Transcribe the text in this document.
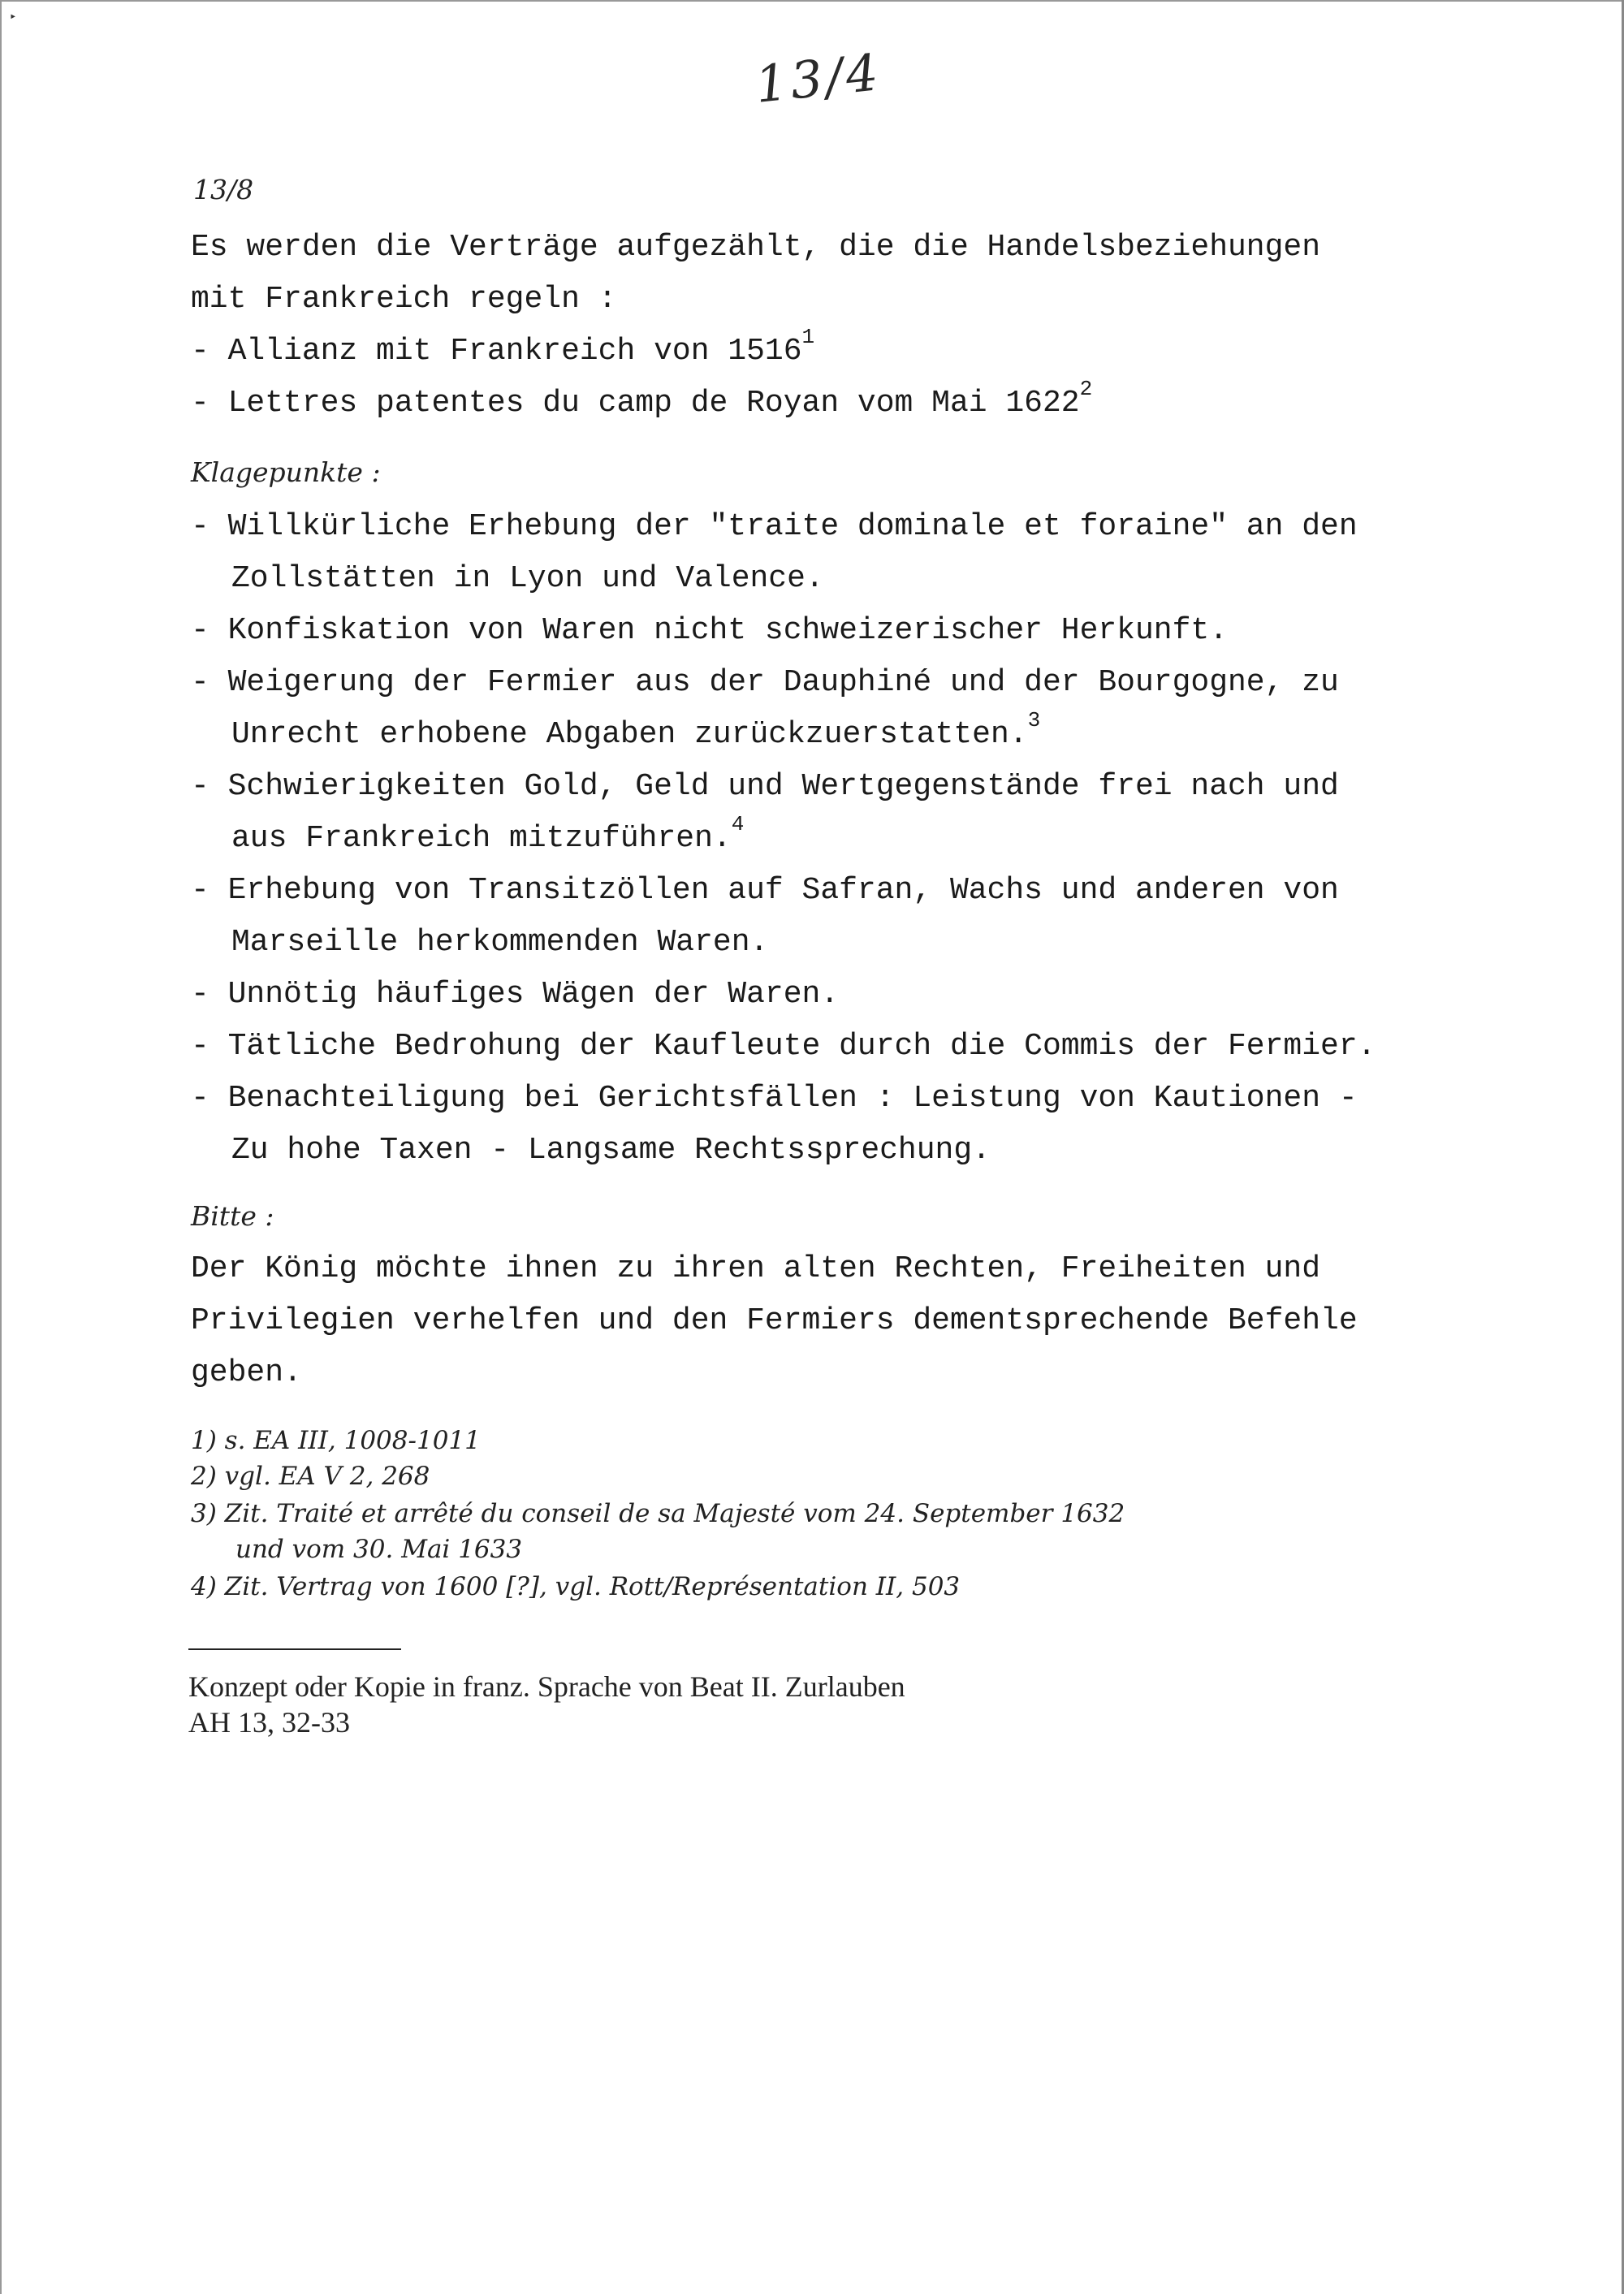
▸
13/4
13/8
Es werden die Verträge aufgezählt, die die Handelsbeziehungen
mit Frankreich regeln :
- Allianz mit Frankreich von 1516$^1$
- Lettres patentes du camp de Royan vom Mai 1622$^2$
Klagepunkte :
- Willkürliche Erhebung der "traite dominale et foraine" an den
Zollstätten in Lyon und Valence.
- Konfiskation von Waren nicht schweizerischer Herkunft.
- Weigerung der Fermier aus der Dauphiné und der Bourgogne, zu
Unrecht erhobene Abgaben zurückzuerstatten.$^3$
- Schwierigkeiten Gold, Geld und Wertgegenstände frei nach und
aus Frankreich mitzuführen.$^4$
- Erhebung von Transitzöllen auf Safran, Wachs und anderen von
Marseille herkommenden Waren.
- Unnötig häufiges Wägen der Waren.
- Tätliche Bedrohung der Kaufleute durch die Commis der Fermier.
- Benachteiligung bei Gerichtsfällen : Leistung von Kautionen -
Zu hohe Taxen - Langsame Rechtssprechung.
Bitte :
Der König möchte ihnen zu ihren alten Rechten, Freiheiten und
Privilegien verhelfen und den Fermiers dementsprechende Befehle
geben.
1) s. EA III, 1008-1011
2) vgl. EA V 2, 268
3) Zit. Traité et arrêté du conseil de sa Majesté vom 24. September 1632
und vom 30. Mai 1633
4) Zit. Vertrag von 1600 [?], vgl. Rott/Représentation II, 503
Konzept oder Kopie in franz. Sprache von Beat II. Zurlauben
AH 13, 32-33
